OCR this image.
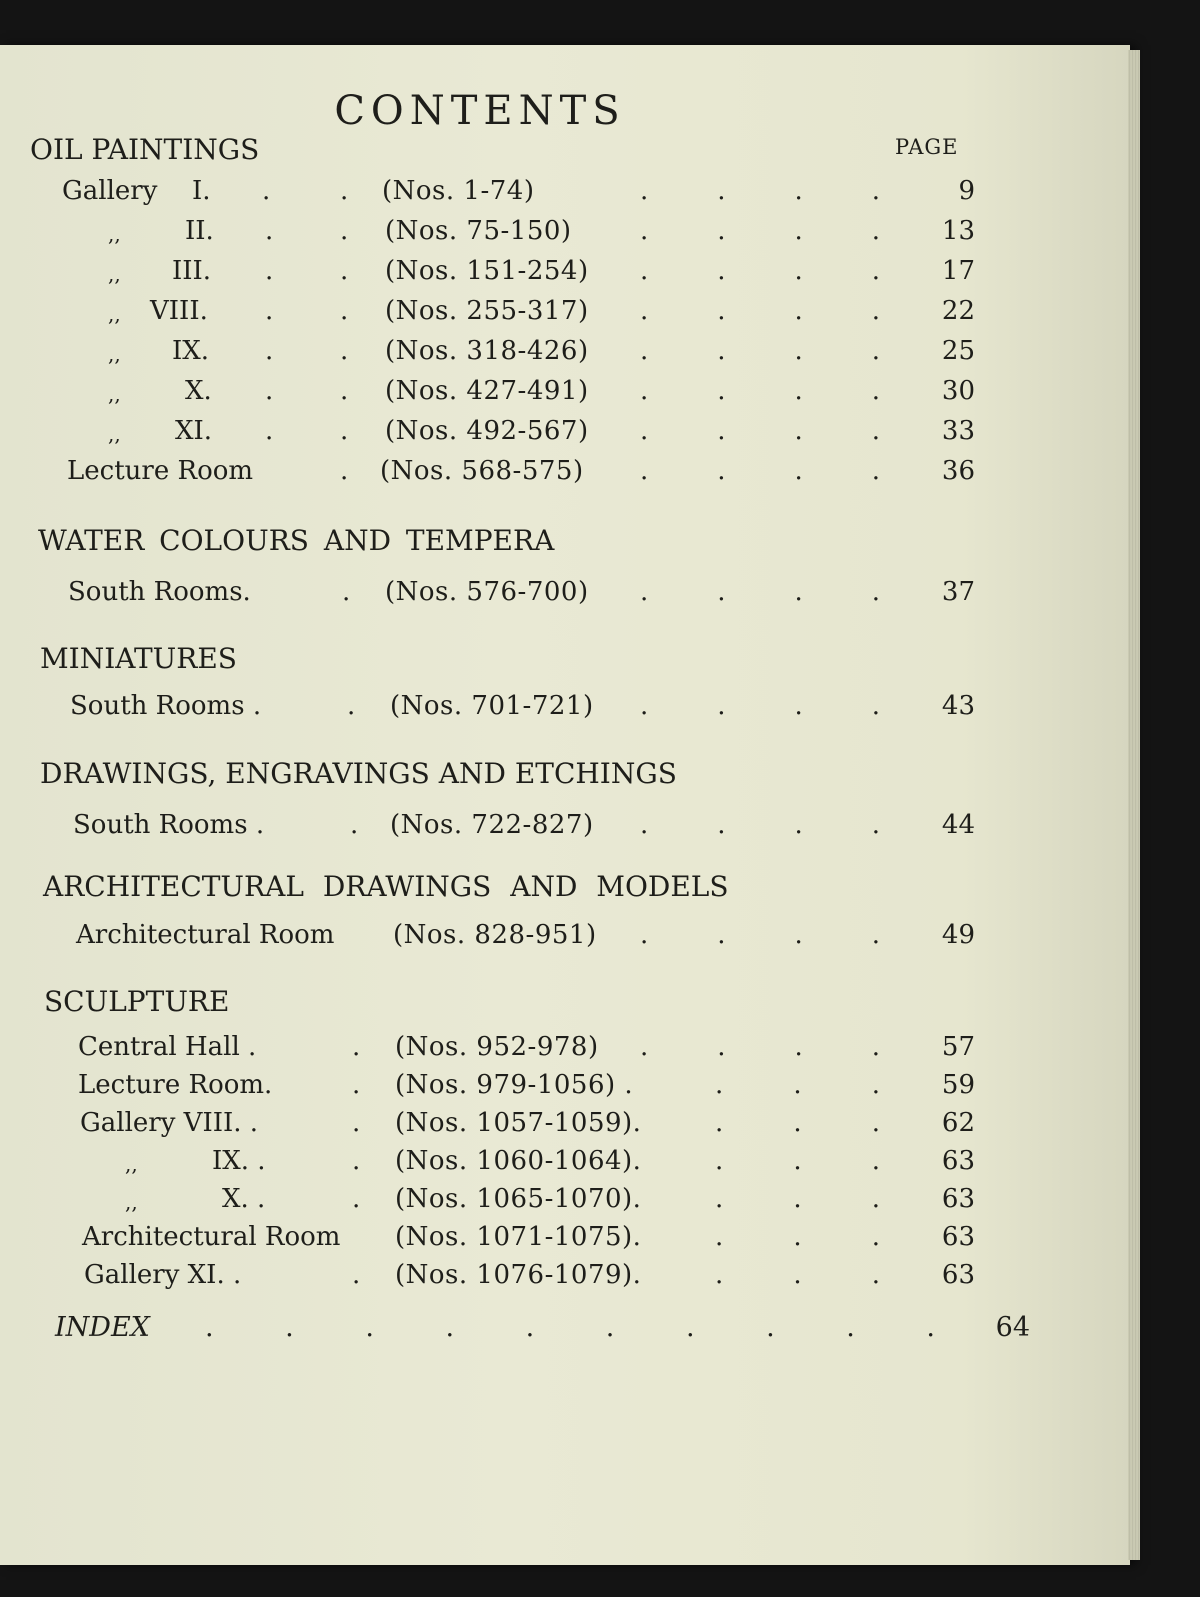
CONTENTS
PAGE
OIL PAINTINGS
Gallery I. .	. (Nos. 1-74)	.	.	.	.	9
,, II. .	. (Nos. 75-150)	.	.	.	.	13
,, III. .	. (Nos. 151-254) .	.	.	.	17
,, VIII. .	. (Nos. 255-317) .	.	.	.	22
,, IX. .	. (Nos. 318-426) .	.	.	.	25
,, X. .	. (Nos. 427-491) .	.	.	.	30
,, XI. .	. (Nos. 492-567) .	.	.	.	33
Lecture Room	. (Nos. 568-575) .	.	.	.	36
WATER COLOURS AND TEMPERA
South Rooms.	. (Nos. 576-700) .	.	.	.	37
MINIATURES
South Rooms .	. (Nos. 701-721) .	.	.	.	43
DRAWINGS, ENGRAVINGS AND ETCHINGS
South Rooms .	. (Nos. 722-827) .	.	.	.	44
ARCHITECTURAL DRAWINGS AND MODELS
Architectural Room (Nos. 828-951) .	.	.	.	49
SCULPTURE
Central Hall .	. (Nos. 952-978) .	.	.	.	57
Lecture Room.	. (Nos. 979-1056) .	.	.	.	59
Gallery VIII. .	. (Nos. 1057-1059).	.	.	.	62
,,	IX. .	. (Nos. 1060-1064).	.	.	.	63
,,	X. .	. (Nos. 1065-1070).	.	.	.	63
Architectural Room (Nos. 1071-1075).	.	.	.	63
Gallery XI. .	. (Nos. 1076-1079).	.	.	.	63
INDEX .	.	.	.	.	.	.	.	.	.	64
